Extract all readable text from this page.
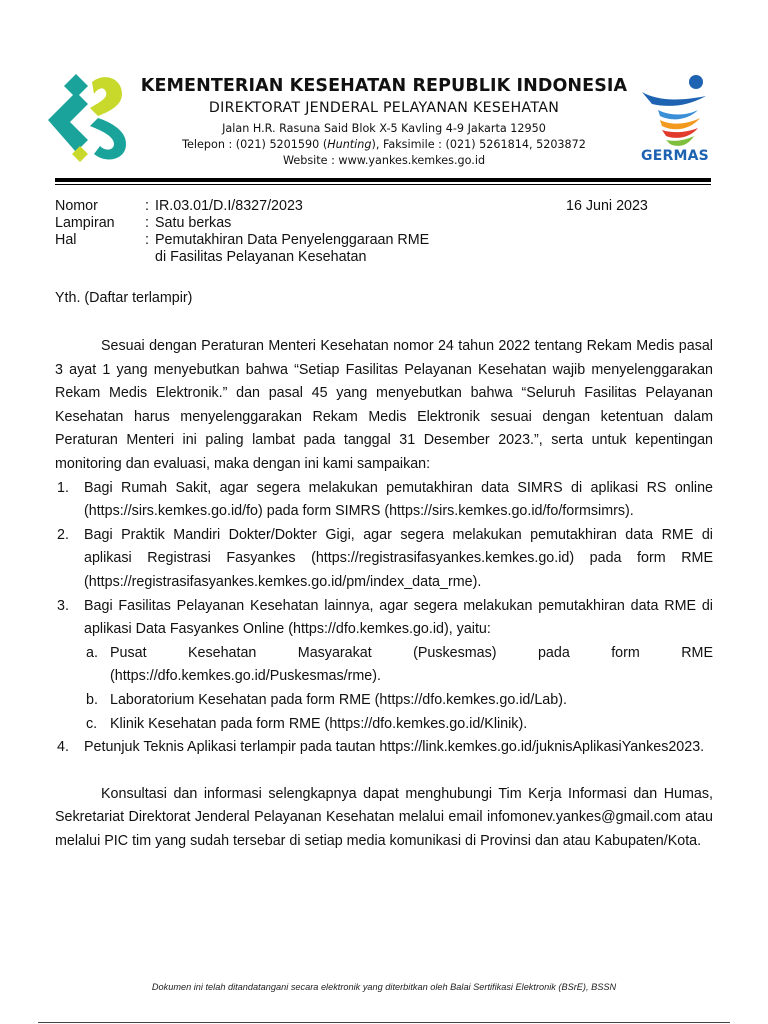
KEMENTERIAN KESEHATAN REPUBLIK INDONESIA
DIREKTORAT JENDERAL PELAYANAN KESEHATAN
Jalan H.R. Rasuna Said Blok X-5 Kavling 4-9 Jakarta 12950
Telepon : (021) 5201590 (Hunting), Faksimile : (021) 5261814, 5203872
Website : www.yankes.kemkes.go.id	GERMAS
Nomor	: IR.03.01/D.I/8327/2023
Lampiran	: Satu berkas
Hal	: Pemutakhiran Data Penyelenggaraan RME
di Fasilitas Pelayanan Kesehatan
16 Juni 2023
Yth. (Daftar terlampir)

Sesuai dengan Peraturan Menteri Kesehatan nomor 24 tahun 2022 tentang Rekam Medis pasal 3 ayat 1 yang menyebutkan bahwa “Setiap Fasilitas Pelayanan Kesehatan wajib menyelenggarakan Rekam Medis Elektronik.” dan pasal 45 yang menyebutkan bahwa “Seluruh Fasilitas Pelayanan Kesehatan harus menyelenggarakan Rekam Medis Elektronik sesuai dengan ketentuan dalam Peraturan Menteri ini paling lambat pada tanggal 31 Desember 2023.”, serta untuk kepentingan monitoring dan evaluasi, maka dengan ini kami sampaikan:

1. Bagi Rumah Sakit, agar segera melakukan pemutakhiran data SIMRS di aplikasi RS online (https://sirs.kemkes.go.id/fo) pada form SIMRS (https://sirs.kemkes.go.id/fo/formsimrs).
2. Bagi Praktik Mandiri Dokter/Dokter Gigi, agar segera melakukan pemutakhiran data RME di aplikasi Registrasi Fasyankes (https://registrasifasyankes.kemkes.go.id) pada form RME (https://registrasifasyankes.kemkes.go.id/pm/index_data_rme).
3. Bagi Fasilitas Pelayanan Kesehatan lainnya, agar segera melakukan pemutakhiran data RME di aplikasi Data Fasyankes Online (https://dfo.kemkes.go.id), yaitu:
a. Pusat Kesehatan Masyarakat (Puskesmas) pada form RME (https://dfo.kemkes.go.id/Puskesmas/rme).
b. Laboratorium Kesehatan pada form RME (https://dfo.kemkes.go.id/Lab).
c. Klinik Kesehatan pada form RME (https://dfo.kemkes.go.id/Klinik).
4. Petunjuk Teknis Aplikasi terlampir pada tautan https://link.kemkes.go.id/juknisAplikasiYankes2023.

Konsultasi dan informasi selengkapnya dapat menghubungi Tim Kerja Informasi dan Humas, Sekretariat Direktorat Jenderal Pelayanan Kesehatan melalui email infomonev.yankes@gmail.com atau melalui PIC tim yang sudah tersebar di setiap media komunikasi di Provinsi dan atau Kabupaten/Kota.

Dokumen ini telah ditandatangani secara elektronik yang diterbitkan oleh Balai Sertifikasi Elektronik (BSrE), BSSN
